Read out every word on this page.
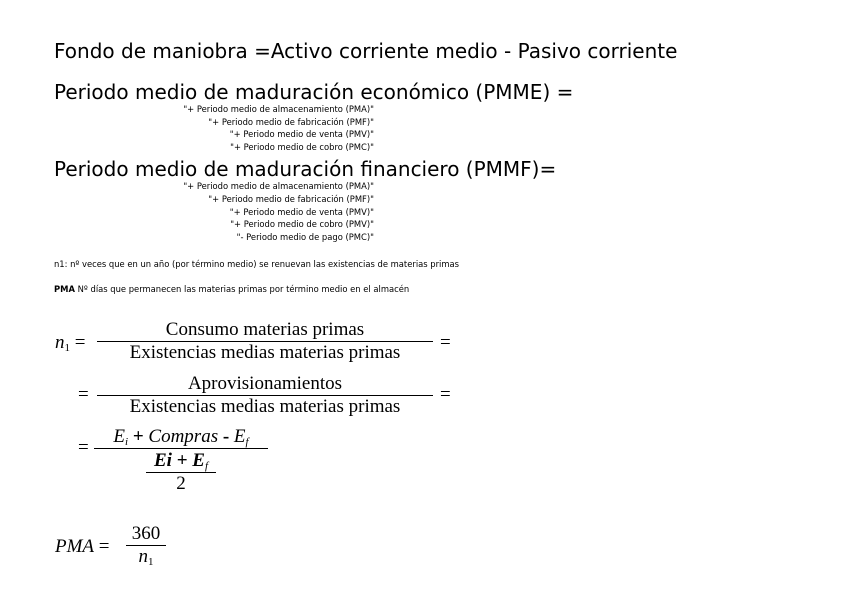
Fondo de maniobra =Activo corriente medio - Pasivo corriente
Periodo medio de maduración económico (PMME) =
"+ Periodo medio de almacenamiento (PMA)"
"+ Periodo medio de fabricación (PMF)"
"+ Periodo medio de venta (PMV)"
"+ Periodo medio de cobro (PMC)"
Periodo medio de maduración financiero (PMMF)=
"+ Periodo medio de almacenamiento (PMA)"
"+ Periodo medio de fabricación (PMF)"
"+ Periodo medio de venta (PMV)"
"+ Periodo medio de cobro (PMV)"
"- Periodo medio de pago (PMC)"
n1: nº veces que en un año (por término medio) se renuevan las existencias de materias primas
PMA Nº días que permanecen las materias primas por término medio en el almacén
$n_1$ =
Consumo materias primas
Existencias medias materias primas	=
=
Aprovisionamientos
Existencias medias materias primas
=
=
Ei + Compras - Ef
Ei + Ef
2
PMA =
360
$n_1$
